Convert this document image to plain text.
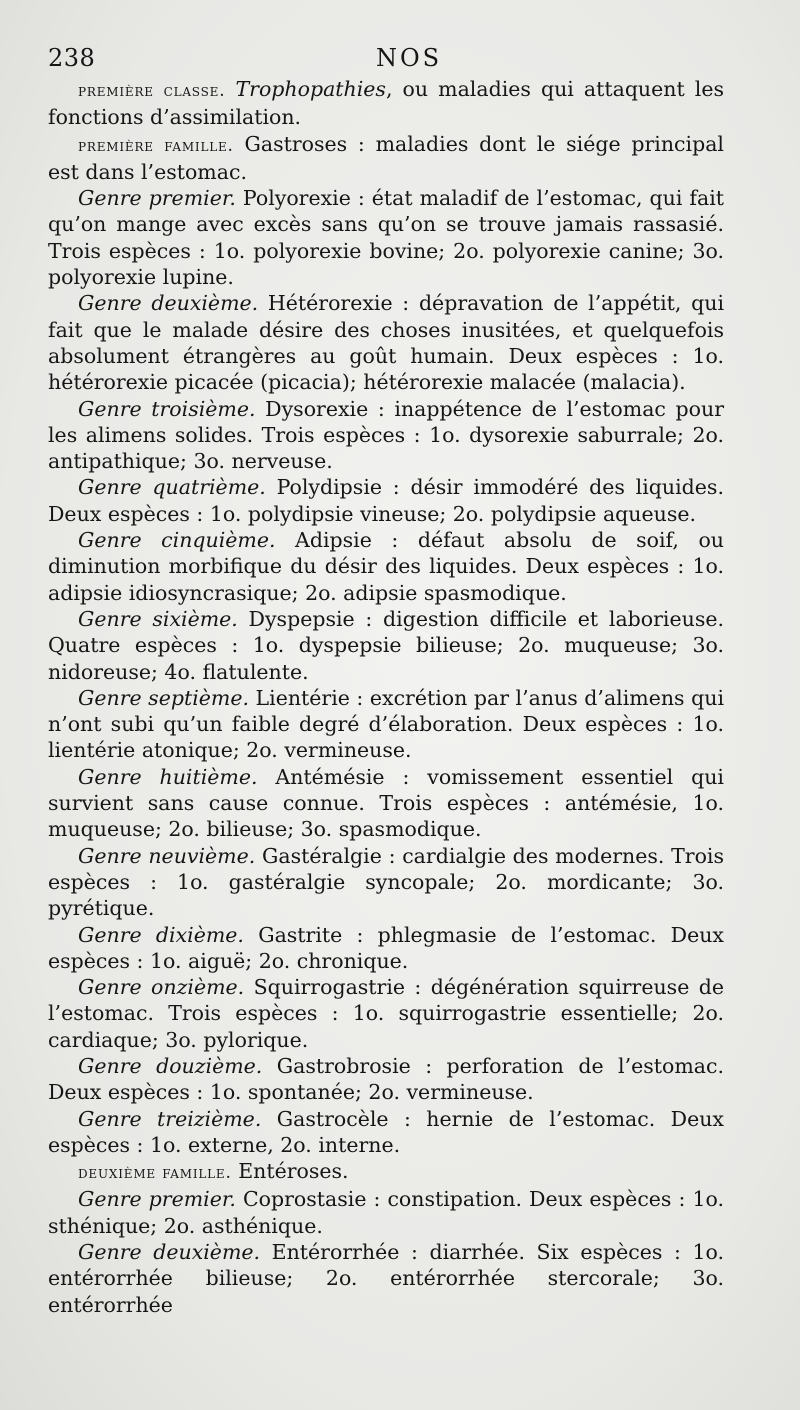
238	NOS

première classe. Trophopathies, ou maladies qui attaquent les fonctions d’assimilation.

première famille. Gastroses : maladies dont le siége principal est dans l’estomac.

Genre premier. Polyorexie : état maladif de l’estomac, qui fait qu’on mange avec excès sans qu’on se trouve jamais rassasié. Trois espèces : 1o. polyorexie bovine; 2o. polyorexie canine; 3o. polyorexie lupine.

Genre deuxième. Hétérorexie : dépravation de l’appétit, qui fait que le malade désire des choses inusitées, et quelquefois absolument étrangères au goût humain. Deux espèces : 1o. hétérorexie picacée (picacia); hétérorexie malacée (malacia).

Genre troisième. Dysorexie : inappétence de l’estomac pour les alimens solides. Trois espèces : 1o. dysorexie saburrale; 2o. antipathique; 3o. nerveuse.

Genre quatrième. Polydipsie : désir immodéré des liquides. Deux espèces : 1o. polydipsie vineuse; 2o. polydipsie aqueuse.

Genre cinquième. Adipsie : défaut absolu de soif, ou diminution morbifique du désir des liquides. Deux espèces : 1o. adipsie idiosyncrasique; 2o. adipsie spasmodique.

Genre sixième. Dyspepsie : digestion difficile et laborieuse. Quatre espèces : 1o. dyspepsie bilieuse; 2o. muqueuse; 3o. nidoreuse; 4o. flatulente.

Genre septième. Lientérie : excrétion par l’anus d’alimens qui n’ont subi qu’un faible degré d’élaboration. Deux espèces : 1o. lientérie atonique; 2o. vermineuse.

Genre huitième. Antémésie : vomissement essentiel qui survient sans cause connue. Trois espèces : antémésie, 1o. muqueuse; 2o. bilieuse; 3o. spasmodique.

Genre neuvième. Gastéralgie : cardialgie des modernes. Trois espèces : 1o. gastéralgie syncopale; 2o. mordicante; 3o. pyrétique.

Genre dixième. Gastrite : phlegmasie de l’estomac. Deux espèces : 1o. aiguë; 2o. chronique.

Genre onzième. Squirrogastrie : dégénération squirreuse de l’estomac. Trois espèces : 1o. squirrogastrie essentielle; 2o. cardiaque; 3o. pylorique.

Genre douzième. Gastrobrosie : perforation de l’estomac. Deux espèces : 1o. spontanée; 2o. vermineuse.

Genre treizième. Gastrocèle : hernie de l’estomac. Deux espèces : 1o. externe, 2o. interne.

deuxième famille. Entéroses.

Genre premier. Coprostasie : constipation. Deux espèces : 1o. sthénique; 2o. asthénique.

Genre deuxième. Entérorrhée : diarrhée. Six espèces : 1o. entérorrhée bilieuse; 2o. entérorrhée stercorale; 3o. entérorrhée
